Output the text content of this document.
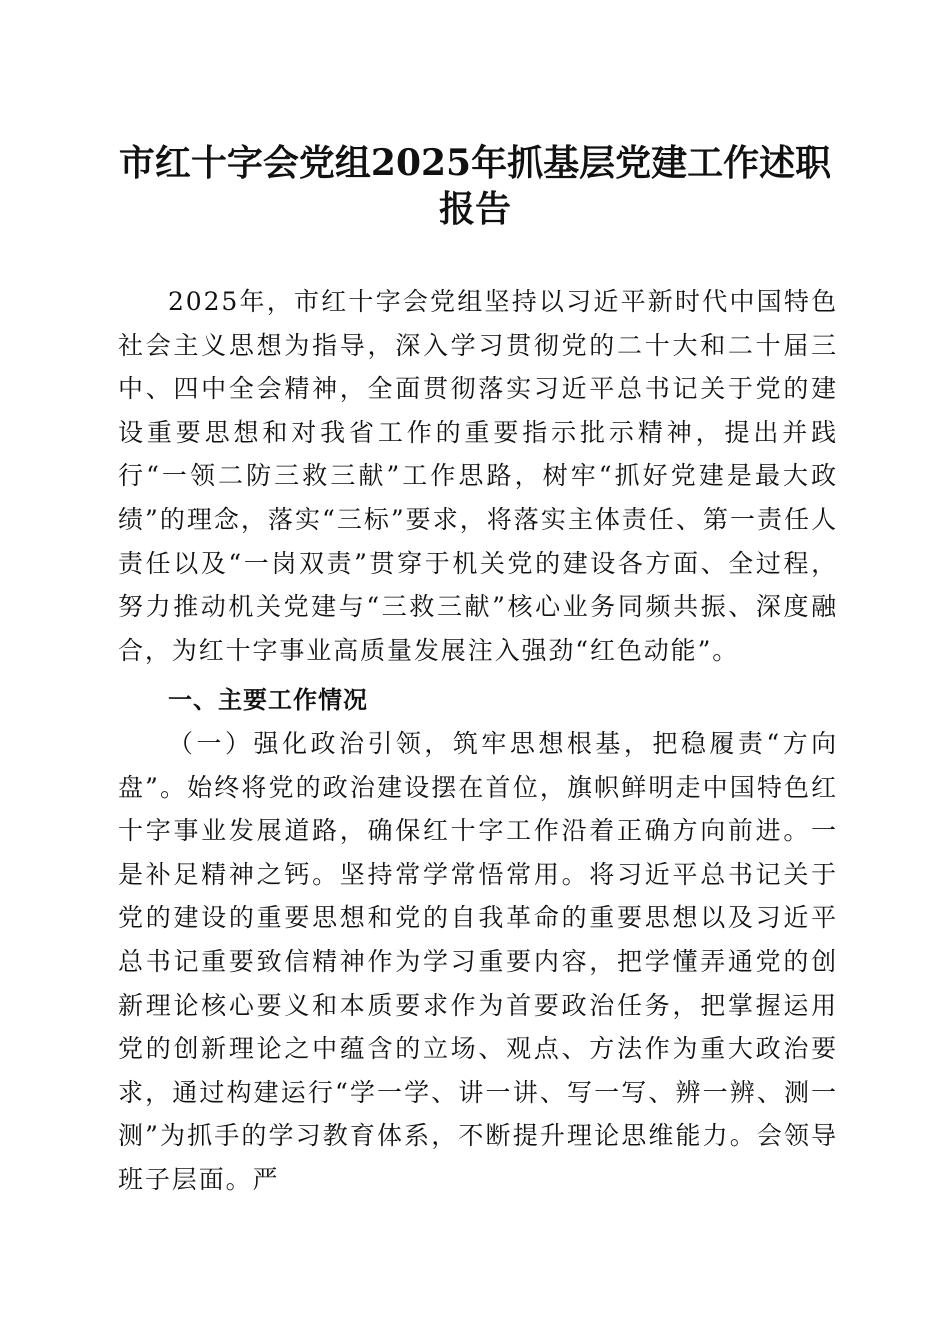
市红十字会党组2025年抓基层党建工作述职
报告
2025年，市红十字会党组坚持以习近平新时代中国特色社会主义思想为指导，深入学习贯彻党的二十大和二十届三中、四中全会精神，全面贯彻落实习近平总书记关于党的建设重要思想和对我省工作的重要指示批示精神，提出并践行“一领二防三救三献”工作思路，树牢“抓好党建是最大政绩”的理念，落实“三标”要求，将落实主体责任、第一责任人责任以及“一岗双责”贯穿于机关党的建设各方面、全过程，努力推动机关党建与“三救三献”核心业务同频共振、深度融合，为红十字事业高质量发展注入强劲“红色动能”。
一、主要工作情况
（一）强化政治引领，筑牢思想根基，把稳履责“方向盘”。始终将党的政治建设摆在首位，旗帜鲜明走中国特色红十字事业发展道路，确保红十字工作沿着正确方向前进。一是补足精神之钙。坚持常学常悟常用。将习近平总书记关于党的建设的重要思想和党的自我革命的重要思想以及习近平总书记重要致信精神作为学习重要内容，把学懂弄通党的创新理论核心要义和本质要求作为首要政治任务，把掌握运用党的创新理论之中蕴含的立场、观点、方法作为重大政治要求，通过构建运行“学一学、讲一讲、写一写、辨一辨、测一测”为抓手的学习教育体系，不断提升理论思维能力。会领导班子层面。严
